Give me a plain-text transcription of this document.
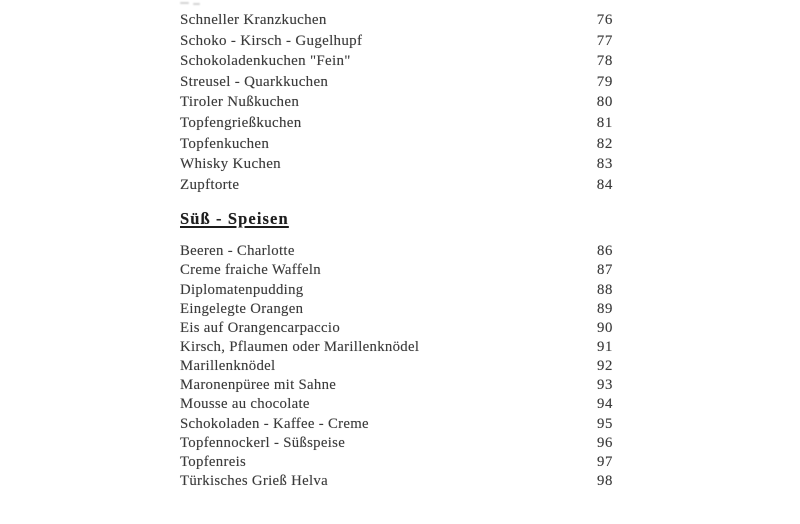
Schneller Kranzkuchen	76
Schoko - Kirsch - Gugelhupf	77
Schokoladenkuchen "Fein"	78
Streusel - Quarkkuchen	79
Tiroler Nußkuchen	80
Topfengrießkuchen	81
Topfenkuchen	82
Whisky Kuchen	83
Zupftorte	84
Süß - Speisen
Beeren - Charlotte	86
Creme fraiche Waffeln	87
Diplomatenpudding	88
Eingelegte Orangen	89
Eis auf Orangencarpaccio	90
Kirsch, Pflaumen oder Marillenknödel	91
Marillenknödel	92
Maronenpüree mit Sahne	93
Mousse au chocolate	94
Schokoladen - Kaffee - Creme	95
Topfennockerl - Süßspeise	96
Topfenreis	97
Türkisches Grieß Helva	98
